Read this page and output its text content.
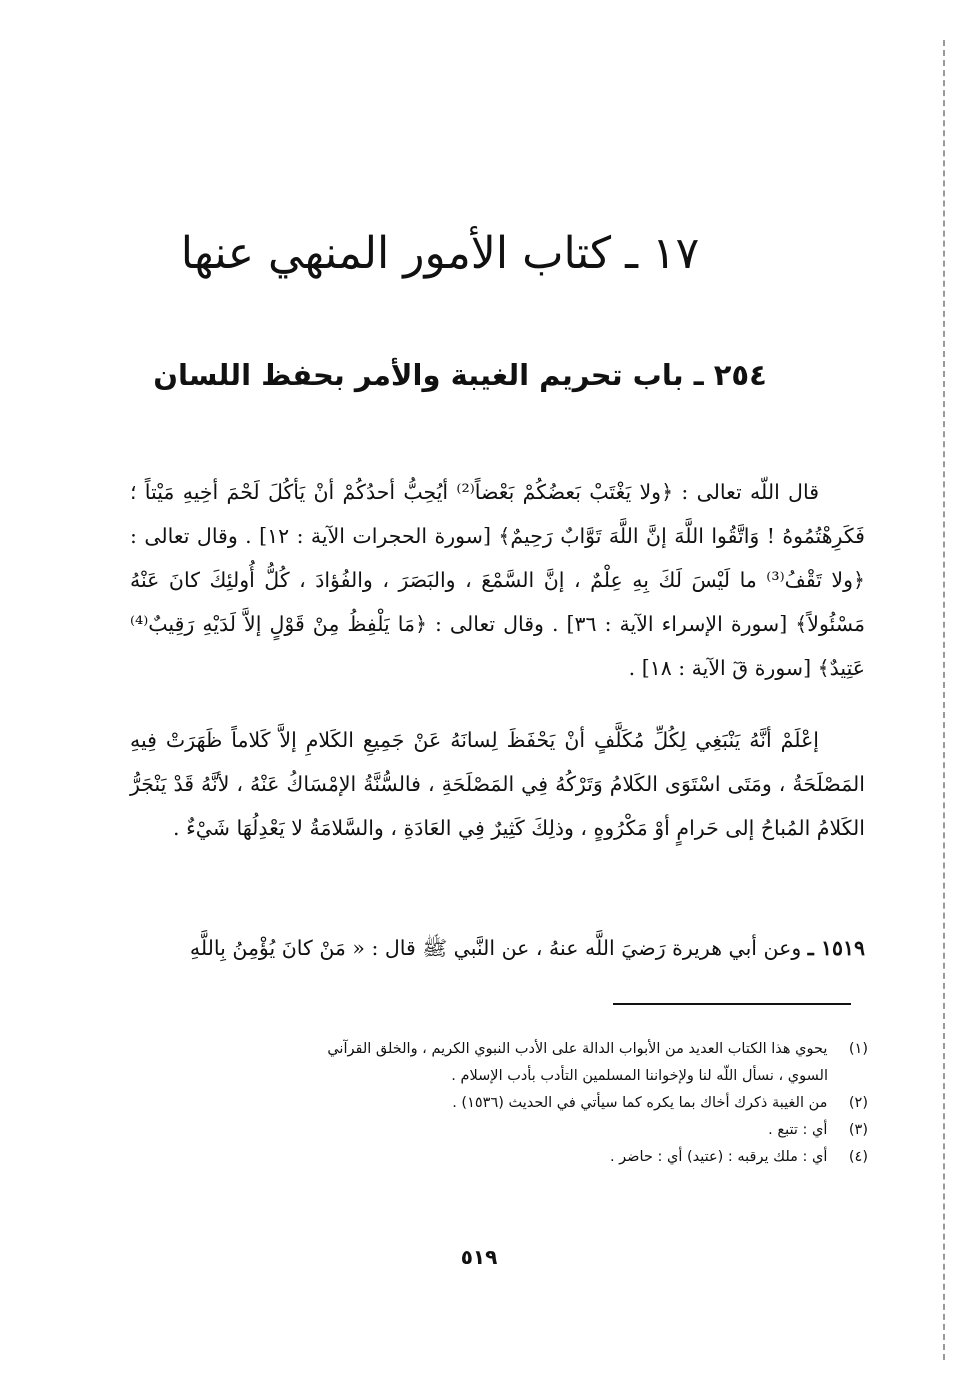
١٧ ـ كتاب الأمور المنهي عنها
٢٥٤ ـ باب تحريم الغيبة والأمر بحفظ اللسان
قال اللّه تعالى : ﴿ولا يَغْتَبْ بَعضُكُمْ بَعْضاً⁽²⁾ أيُحِبُّ أحدُكُمْ أنْ يَأكُلَ لَحْمَ أخِيهِ مَيْتاً ؛ فَكَرِهْتُمُوهُ ! وَاتَّقُوا اللَّهَ إنَّ اللَّهَ تَوَّابٌ رَحِيمٌ﴾ [سورة الحجرات الآية : ١٢] . وقال تعالى : ﴿ولا تَقْفُ⁽³⁾ ما لَيْسَ لَكَ بِهِ عِلْمٌ ، إنَّ السَّمْعَ ، والبَصَرَ ، والفُؤادَ ، كُلُّ أُولئِكَ كانَ عَنْهُ مَسْئُولاً﴾ [سورة الإسراء الآية : ٣٦] . وقال تعالى : ﴿مَا يَلْفِظُ مِنْ قَوْلٍ إلاَّ لَدَيْهِ رَقِيبٌ⁽⁴⁾ عَتِيدٌ﴾ [سورة قٓ الآية : ١٨] .
إعْلَمْ أنَّهُ يَنْبَغِي لِكُلِّ مُكَلَّفٍ أنْ يَحْفَظَ لِسانَهُ عَنْ جَمِيعِ الكَلامِ إلاَّ كَلاماً ظَهَرَتْ فِيهِ المَصْلَحَةُ ، ومَتَى اسْتَوَى الكَلامُ وَتَرْكُهُ فِي المَصْلَحَةِ ، فالسُّنَّةُ الإمْسَاكُ عَنْهُ ، لأنَّهُ قَدْ يَنْجَرُّ الكَلامُ المُباحُ إلى حَرامٍ أوْ مَكْرُوهٍ ، وذلِكَ كَثِيرٌ فِي العَادَةِ ، والسَّلامَةُ لا يَعْدِلُهَا شَيْءٌ .
١٥١٩ ـ وعن أبي هريرة رَضيَ اللَّه عنهُ ، عن النَّبي ﷺ قال : « مَنْ كانَ يُؤْمِنُ بِاللَّهِ

(١) يحوي هذا الكتاب العديد من الأبواب الدالة على الأدب النبوي الكريم ، والخلق القرآني

السوي ، نسأل اللّه لنا ولإخواننا المسلمين التأدب بأدب الإسلام .

(٢) من الغيبة ذكرك أخاك بما يكره كما سيأتي في الحديث (١٥٣٦) .

(٣) أي : تتبع .

(٤) أي : ملك يرقبه : (عتيد) أي : حاضر .

٥١٩
